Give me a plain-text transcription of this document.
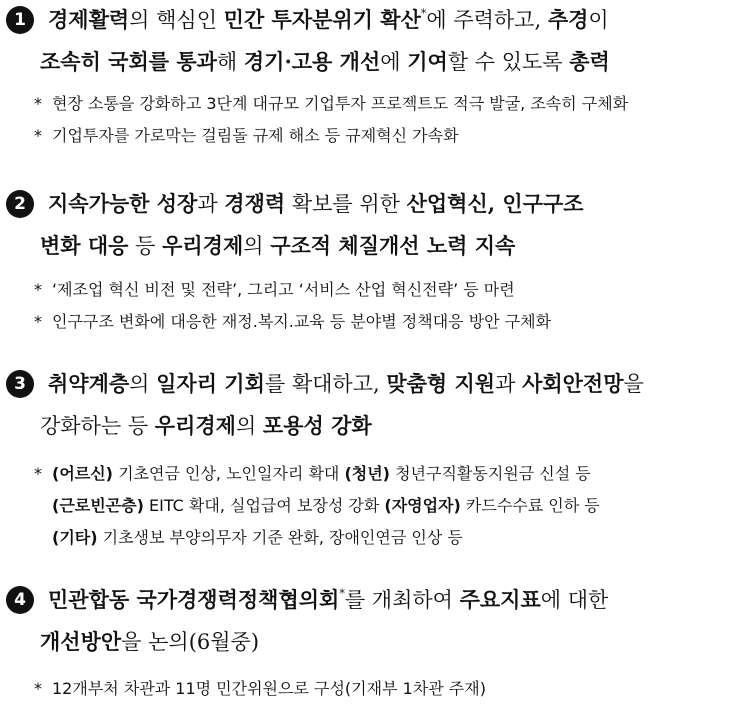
1 경제활력의 핵심인 민간 투자분위기 확산*에 주력하고, 추경이
조속히 국회를 통과해 경기·고용 개선에 기여할 수 있도록 총력
* 현장 소통을 강화하고 3단계 대규모 기업투자 프로젝트도 적극 발굴, 조속히 구체화
* 기업투자를 가로막는 걸림돌 규제 해소 등 규제혁신 가속화
2 지속가능한 성장과 경쟁력 확보를 위한 산업혁신, 인구구조
변화 대응 등 우리경제의 구조적 체질개선 노력 지속
* ‘제조업 혁신 비전 및 전략’, 그리고 ‘서비스 산업 혁신전략’ 등 마련
* 인구구조 변화에 대응한 재정.복지.교육 등 분야별 정책대응 방안 구체화
3 취약계층의 일자리 기회를 확대하고, 맞춤형 지원과 사회안전망을
강화하는 등 우리경제의 포용성 강화
* (어르신) 기초연금 인상, 노인일자리 확대 (청년) 청년구직활동지원금 신설 등
(근로빈곤층) EITC 확대, 실업급여 보장성 강화 (자영업자) 카드수수료 인하 등
(기타) 기초생보 부양의무자 기준 완화, 장애인연금 인상 등
4 민관합동 국가경쟁력정책협의회*를 개최하여 주요지표에 대한
개선방안을 논의(6월중)
* 12개부처 차관과 11명 민간위원으로 구성(기재부 1차관 주재)
